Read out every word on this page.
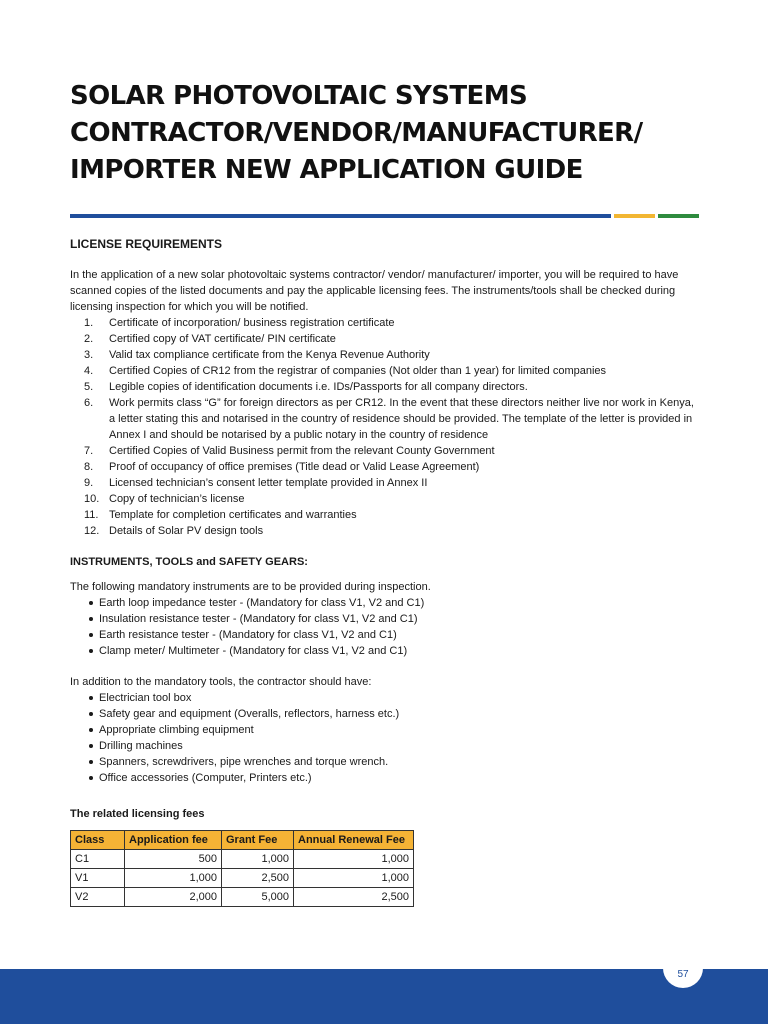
SOLAR PHOTOVOLTAIC SYSTEMS
CONTRACTOR/VENDOR/MANUFACTURER/
IMPORTER NEW APPLICATION GUIDE

LICENSE REQUIREMENTS

In the application of a new solar photovoltaic systems contractor/ vendor/ manufacturer/ importer, you will be required to have scanned copies of the listed documents and pay the applicable licensing fees. The instruments/tools shall be checked during licensing inspection for which you will be notified.

1.	Certificate of incorporation/ business registration certificate
2.	Certified copy of VAT certificate/ PIN certificate
3.	Valid tax compliance certificate from the Kenya Revenue Authority
4.	Certified Copies of CR12 from the registrar of companies (Not older than 1 year) for limited companies
5.	Legible copies of identification documents i.e. IDs/Passports for all company directors.
6.	Work permits class “G” for foreign directors as per CR12. In the event that these directors neither live nor work in Kenya, a letter stating this and notarised in the country of residence should be provided. The template of the letter is provided in Annex I and should be notarised by a public notary in the country of residence
7.	Certified Copies of Valid Business permit from the relevant County Government
8.	Proof of occupancy of office premises (Title dead or Valid Lease Agreement)
9.	Licensed technician’s consent letter template provided in Annex II
10. Copy of technician’s license
11. Template for completion certificates and warranties
12. Details of Solar PV design tools

INSTRUMENTS, TOOLS and SAFETY GEARS:

The following mandatory instruments are to be provided during inspection.

Earth loop impedance tester - (Mandatory for class V1, V2 and C1)
Insulation resistance tester - (Mandatory for class V1, V2 and C1)
Earth resistance tester - (Mandatory for class V1, V2 and C1)
Clamp meter/ Multimeter - (Mandatory for class V1, V2 and C1)

In addition to the mandatory tools, the contractor should have:

Electrician tool box
Safety gear and equipment (Overalls, reflectors, harness etc.)
Appropriate climbing equipment
Drilling machines
Spanners, screwdrivers, pipe wrenches and torque wrench.
Office accessories (Computer, Printers etc.)

The related licensing fees

Class	Application fee	Grant Fee	Annual Renewal Fee
C1	500	1,000	1,000
V1	1,000	2,500	1,000
V2	2,000	5,000	2,500
57
